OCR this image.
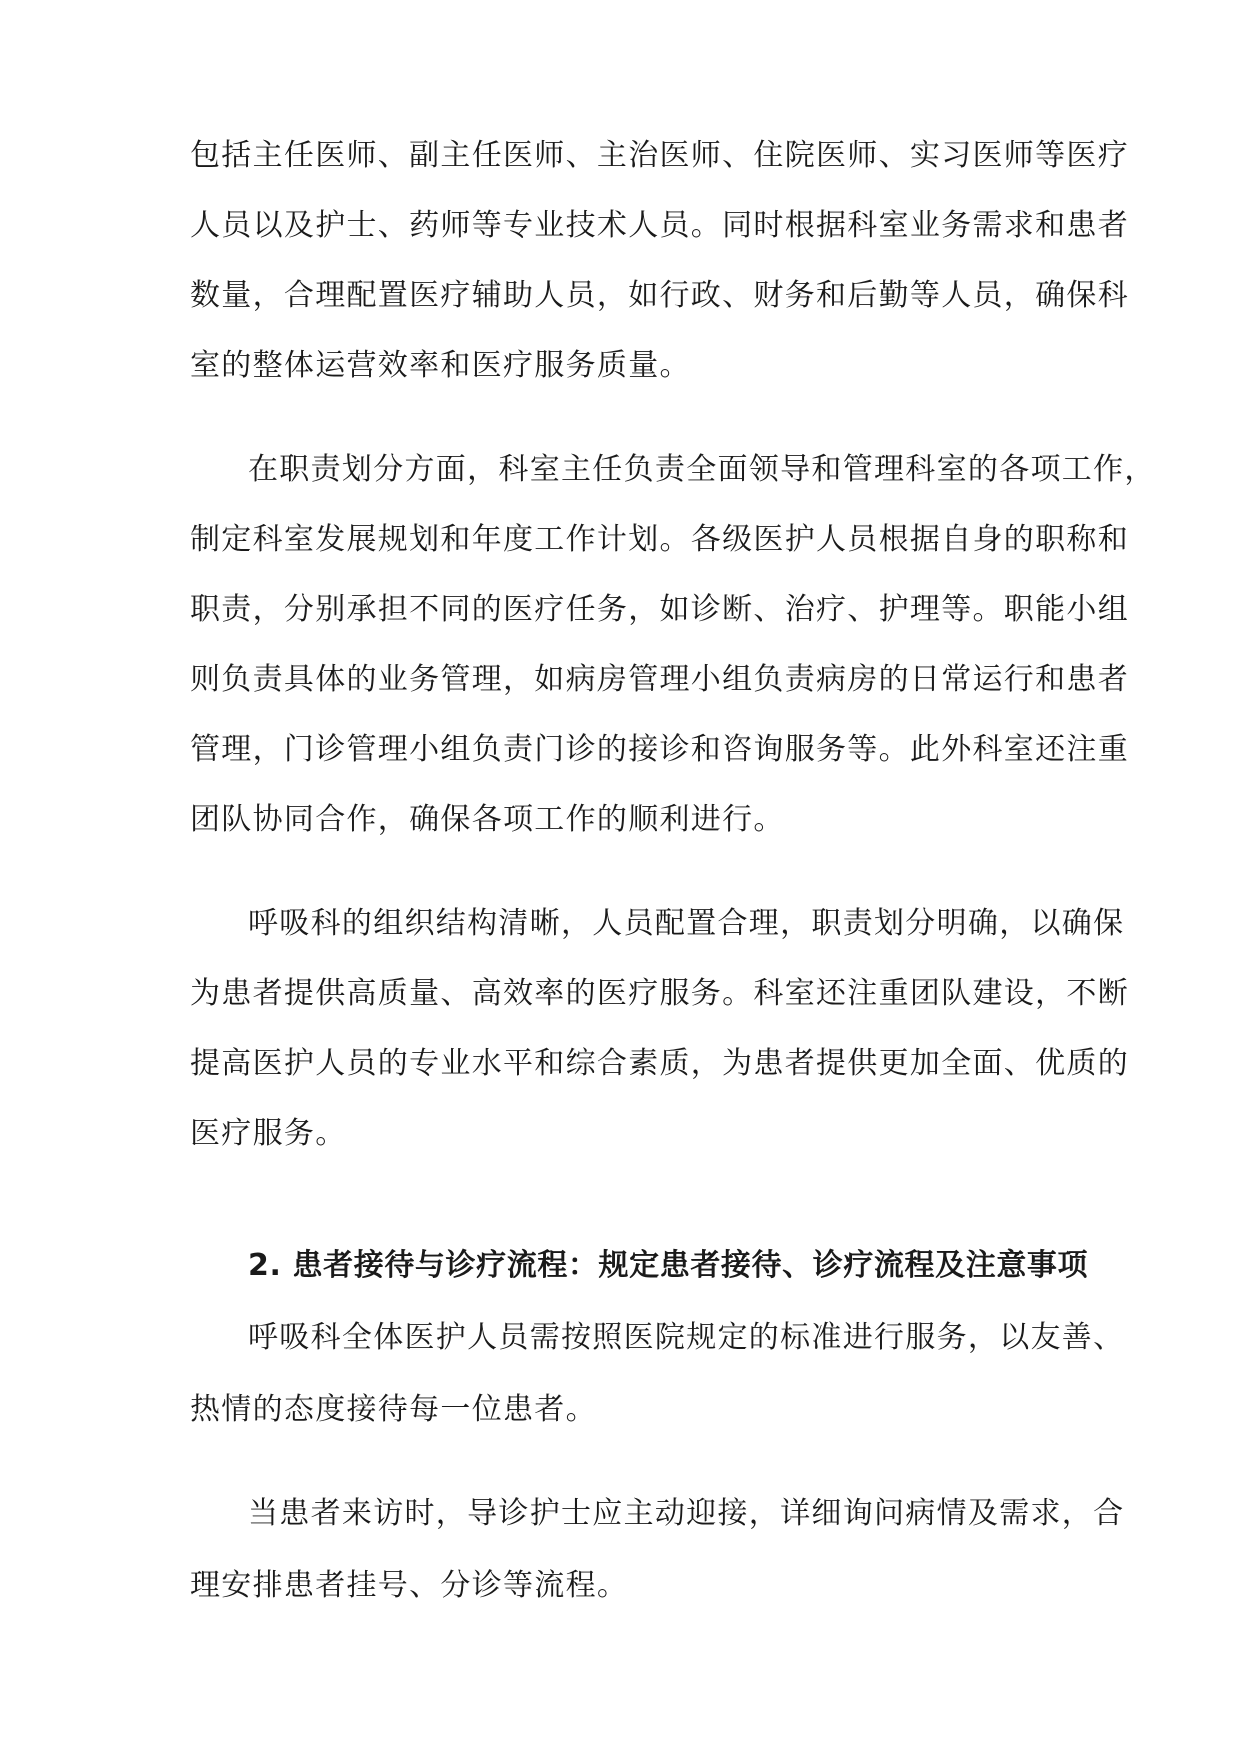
包括主任医师、副主任医师、主治医师、住院医师、实习医师等医疗
人员以及护士、药师等专业技术人员。同时根据科室业务需求和患者
数量，合理配置医疗辅助人员，如行政、财务和后勤等人员，确保科
室的整体运营效率和医疗服务质量。
在职责划分方面，科室主任负责全面领导和管理科室的各项工作，
制定科室发展规划和年度工作计划。各级医护人员根据自身的职称和
职责，分别承担不同的医疗任务，如诊断、治疗、护理等。职能小组
则负责具体的业务管理，如病房管理小组负责病房的日常运行和患者
管理，门诊管理小组负责门诊的接诊和咨询服务等。此外科室还注重
团队协同合作，确保各项工作的顺利进行。
呼吸科的组织结构清晰，人员配置合理，职责划分明确，以确保
为患者提供高质量、高效率的医疗服务。科室还注重团队建设，不断
提高医护人员的专业水平和综合素质，为患者提供更加全面、优质的
医疗服务。
2. 患者接待与诊疗流程：规定患者接待、诊疗流程及注意事项
呼吸科全体医护人员需按照医院规定的标准进行服务，以友善、
热情的态度接待每一位患者。
当患者来访时，导诊护士应主动迎接，详细询问病情及需求，合
理安排患者挂号、分诊等流程。
